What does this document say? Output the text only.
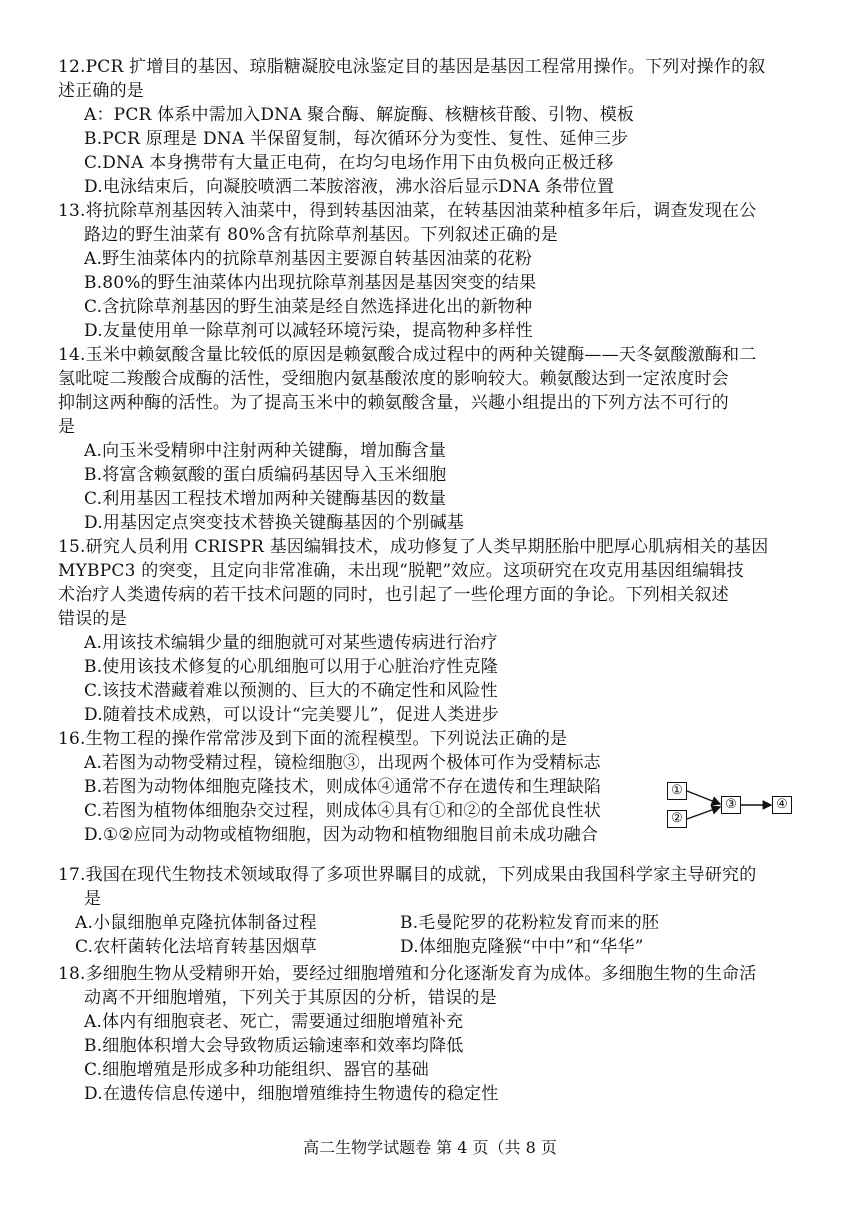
12.PCR 扩增目的基因、琼脂糖凝胶电泳鉴定目的基因是基因工程常用操作。下列对操作的叙
述正确的是
A：PCR 体系中需加入DNA 聚合酶、解旋酶、核糖核苷酸、引物、模板
B.PCR 原理是 DNA 半保留复制，每次循环分为变性、复性、延伸三步
C.DNA 本身携带有大量正电荷，在均匀电场作用下由负极向正极迁移
D.电泳结束后，向凝胶喷洒二苯胺溶液，沸水浴后显示DNA 条带位置
13.将抗除草剂基因转入油菜中，得到转基因油菜，在转基因油菜种植多年后，调查发现在公
路边的野生油菜有 80%含有抗除草剂基因。下列叙述正确的是
A.野生油菜体内的抗除草剂基因主要源自转基因油菜的花粉
B.80%的野生油菜体内出现抗除草剂基因是基因突变的结果
C.含抗除草剂基因的野生油菜是经自然选择进化出的新物种
D.友量使用单一除草剂可以减轻环境污染，提高物种多样性
14.玉米中赖氨酸含量比较低的原因是赖氨酸合成过程中的两种关键酶——天冬氨酸激酶和二
氢吡啶二羧酸合成酶的活性，受细胞内氨基酸浓度的影响较大。赖氨酸达到一定浓度时会
抑制这两种酶的活性。为了提高玉米中的赖氨酸含量，兴趣小组提出的下列方法不可行的
是
A.向玉米受精卵中注射两种关键酶，增加酶含量
B.将富含赖氨酸的蛋白质编码基因导入玉米细胞
C.利用基因工程技术增加两种关键酶基因的数量
D.用基因定点突变技术替换关键酶基因的个别碱基
15.研究人员利用 CRISPR 基因编辑技术，成功修复了人类早期胚胎中肥厚心肌病相关的基因
MYBPC3 的突变，且定向非常准确，未出现“脱靶”效应。这项研究在攻克用基因组编辑技
术治疗人类遗传病的若干技术问题的同时，也引起了一些伦理方面的争论。下列相关叙述
错误的是
A.用该技术编辑少量的细胞就可对某些遗传病进行治疗
B.使用该技术修复的心肌细胞可以用于心脏治疗性克隆
C.该技术潜藏着难以预测的、巨大的不确定性和风险性
D.随着技术成熟，可以设计“完美婴儿”，促进人类进步
16.生物工程的操作常常涉及到下面的流程模型。下列说法正确的是
A.若图为动物受精过程，镜检细胞③，出现两个极体可作为受精标志
B.若图为动物体细胞克隆技术，则成体④通常不存在遗传和生理缺陷
C.若图为植物体细胞杂交过程，则成体④具有①和②的全部优良性状
D.①②应同为动物或植物细胞，因为动物和植物细胞目前未成功融合
①
②
③	④
17.我国在现代生物技术领域取得了多项世界瞩目的成就，下列成果由我国科学家主导研究的
是
A.小鼠细胞单克隆抗体制备过程	B.毛曼陀罗的花粉粒发育而来的胚
C.农杆菌转化法培育转基因烟草	D.体细胞克隆猴“中中”和“华华”
18.多细胞生物从受精卵开始，要经过细胞增殖和分化逐渐发育为成体。多细胞生物的生命活
动离不开细胞增殖，下列关于其原因的分析，错误的是
A.体内有细胞衰老、死亡，需要通过细胞增殖补充
B.细胞体积增大会导致物质运输速率和效率均降低
C.细胞增殖是形成多种功能组织、器官的基础
D.在遗传信息传递中，细胞增殖维持生物遗传的稳定性
高二生物学试题卷 第 4 页（共 8 页
